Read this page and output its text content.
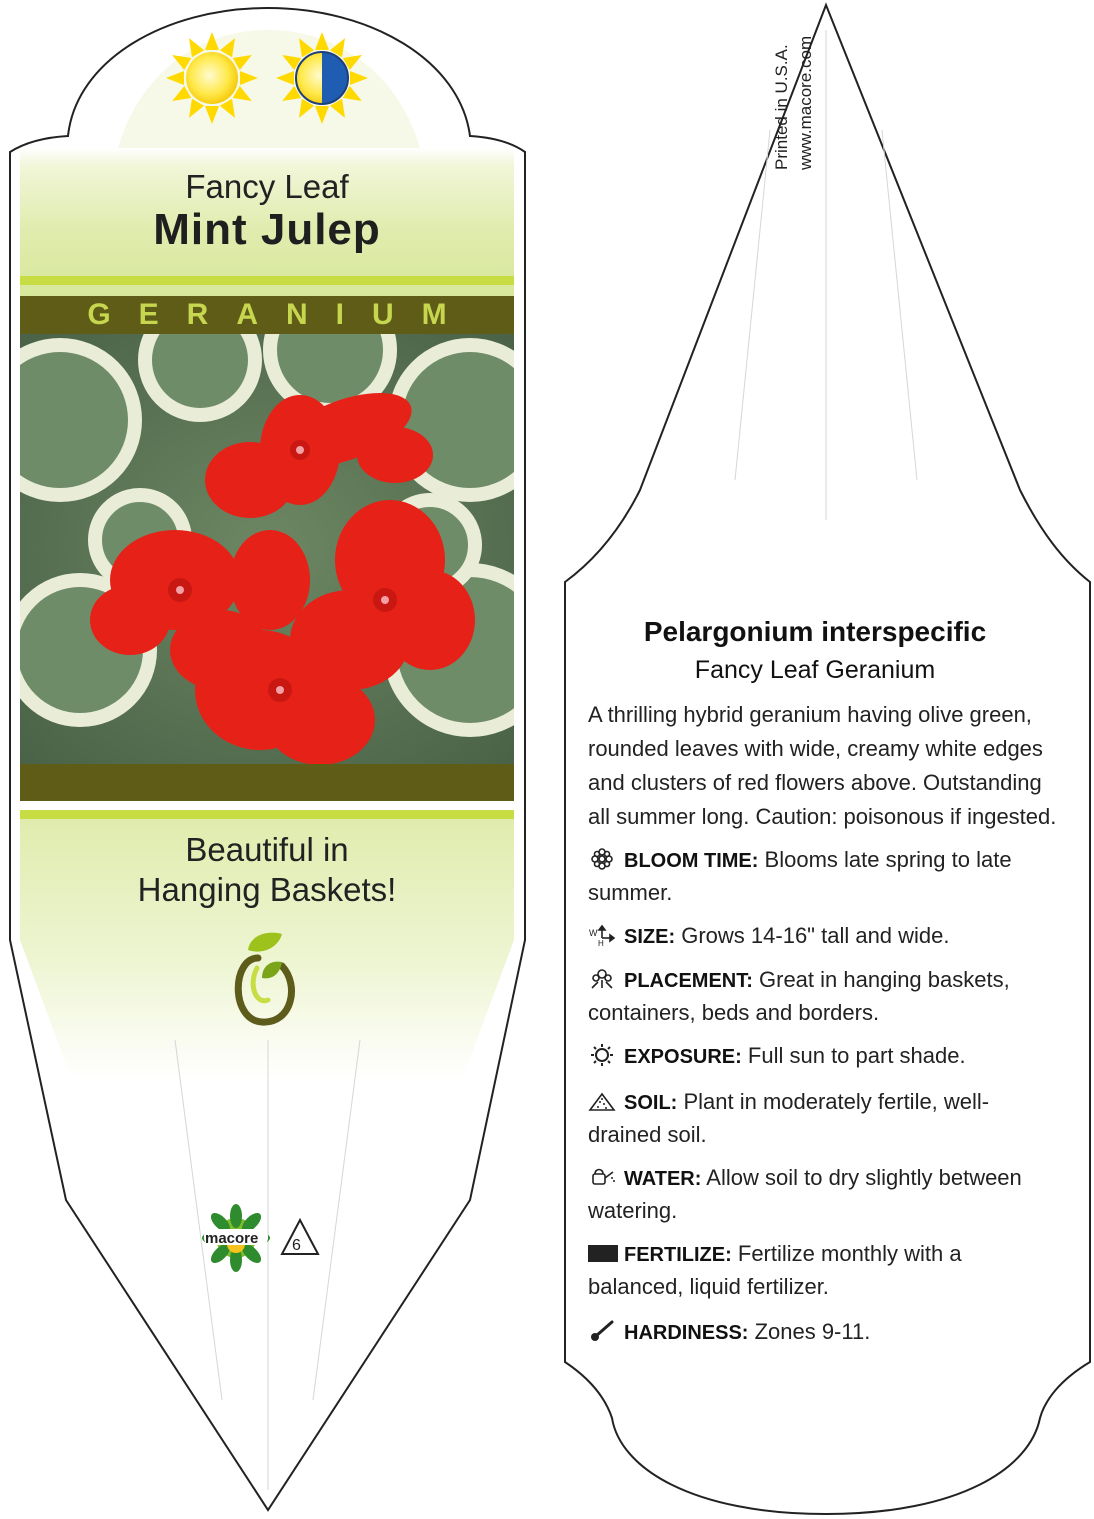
Fancy Leaf
Mint Julep
GERANIUM
Beautiful in
Hanging Baskets!
macore 6
Printed in U.S.A. www.macore.com
Pelargonium interspecific
Fancy Leaf Geranium
A thrilling hybrid geranium having olive green, rounded leaves with wide, creamy white edges and clusters of red flowers above. Outstanding all summer long. Caution: poisonous if ingested.
BLOOM TIME: Blooms late spring to late summer.
W
H SIZE: Grows 14-16" tall and wide.
PLACEMENT: Great in hanging baskets, containers, beds and borders.
EXPOSURE: Full sun to part shade.
SOIL: Plant in moderately fertile, well-drained soil.
WATER: Allow soil to dry slightly between watering.
FERTILIZE: Fertilize monthly with a balanced, liquid fertilizer.
HARDINESS: Zones 9-11.
